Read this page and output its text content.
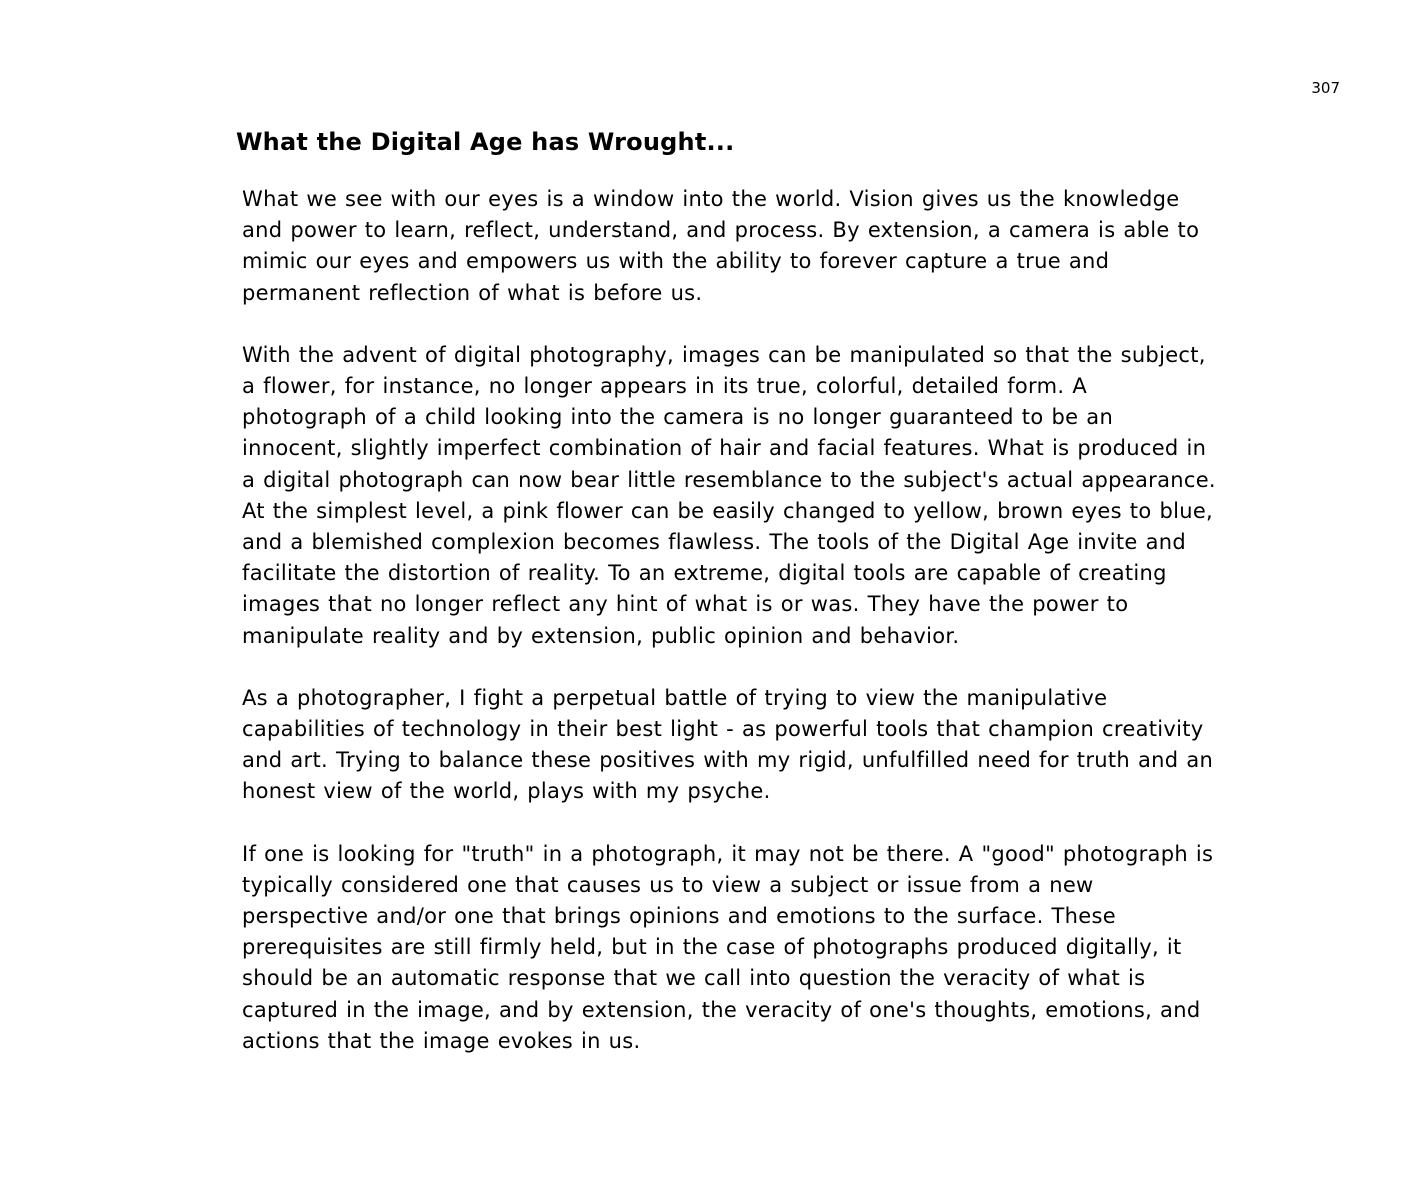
307
What the Digital Age has Wrought...

What we see with our eyes is a window into the world. Vision gives us the knowledge
and power to learn, reflect, understand, and process. By extension, a camera is able to
mimic our eyes and empowers us with the ability to forever capture a true and
permanent reflection of what is before us.

With the advent of digital photography, images can be manipulated so that the subject,
a flower, for instance, no longer appears in its true, colorful, detailed form. A
photograph of a child looking into the camera is no longer guaranteed to be an
innocent, slightly imperfect combination of hair and facial features. What is produced in
a digital photograph can now bear little resemblance to the subject's actual appearance.
At the simplest level, a pink flower can be easily changed to yellow, brown eyes to blue,
and a blemished complexion becomes flawless. The tools of the Digital Age invite and
facilitate the distortion of reality. To an extreme, digital tools are capable of creating
images that no longer reflect any hint of what is or was. They have the power to
manipulate reality and by extension, public opinion and behavior.

As a photographer, I fight a perpetual battle of trying to view the manipulative
capabilities of technology in their best light - as powerful tools that champion creativity
and art. Trying to balance these positives with my rigid, unfulfilled need for truth and an
honest view of the world, plays with my psyche.

If one is looking for "truth" in a photograph, it may not be there. A "good" photograph is
typically considered one that causes us to view a subject or issue from a new
perspective and/or one that brings opinions and emotions to the surface. These
prerequisites are still firmly held, but in the case of photographs produced digitally, it
should be an automatic response that we call into question the veracity of what is
captured in the image, and by extension, the veracity of one's thoughts, emotions, and
actions that the image evokes in us.
